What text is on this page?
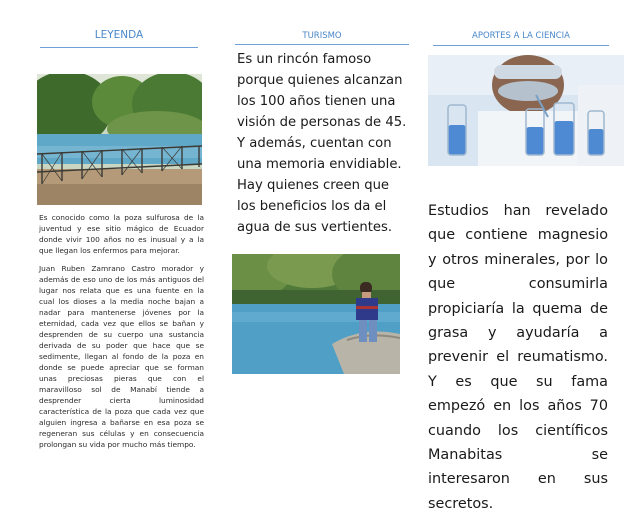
LEYENDA

Es conocido como la poza sulfurosa de la juventud y ese sitio mágico de Ecuador donde vivir 100 años no es inusual y a la que llegan los enfermos para mejorar.

Juan Ruben Zamrano Castro morador y además de eso uno de los más antiguos del lugar nos relata que es una fuente en la cual los dioses a la media noche bajan a nadar para mantenerse jóvenes por la eternidad, cada vez que ellos se bañan y desprenden de su cuerpo una sustancia derivada de su poder que hace que se sedimente, llegan al fondo de la poza en donde se puede apreciar que se forman unas preciosas pieras que con el maravilloso sol de Manabí tiende a desprender cierta luminosidad característica de la poza que cada vez que alguien ingresa a bañarse en esa poza se regeneran sus células y en consecuencia prolongan su vida por mucho más tiempo.

TURISMO
Es un rincón famoso porque quienes alcanzan los 100 años tienen una visión de personas de 45. Y además, cuentan con una memoria envidiable. Hay quienes creen que los beneficios los da el agua de sus vertientes.
APORTES A LA CIENCIA
Estudios han revelado que contiene magnesio y otros minerales, por lo que consumirla propiciaría la quema de grasa y ayudaría a prevenir el reumatismo. Y es que su fama empezó en los años 70 cuando los científicos Manabitas se interesaron en sus secretos.
